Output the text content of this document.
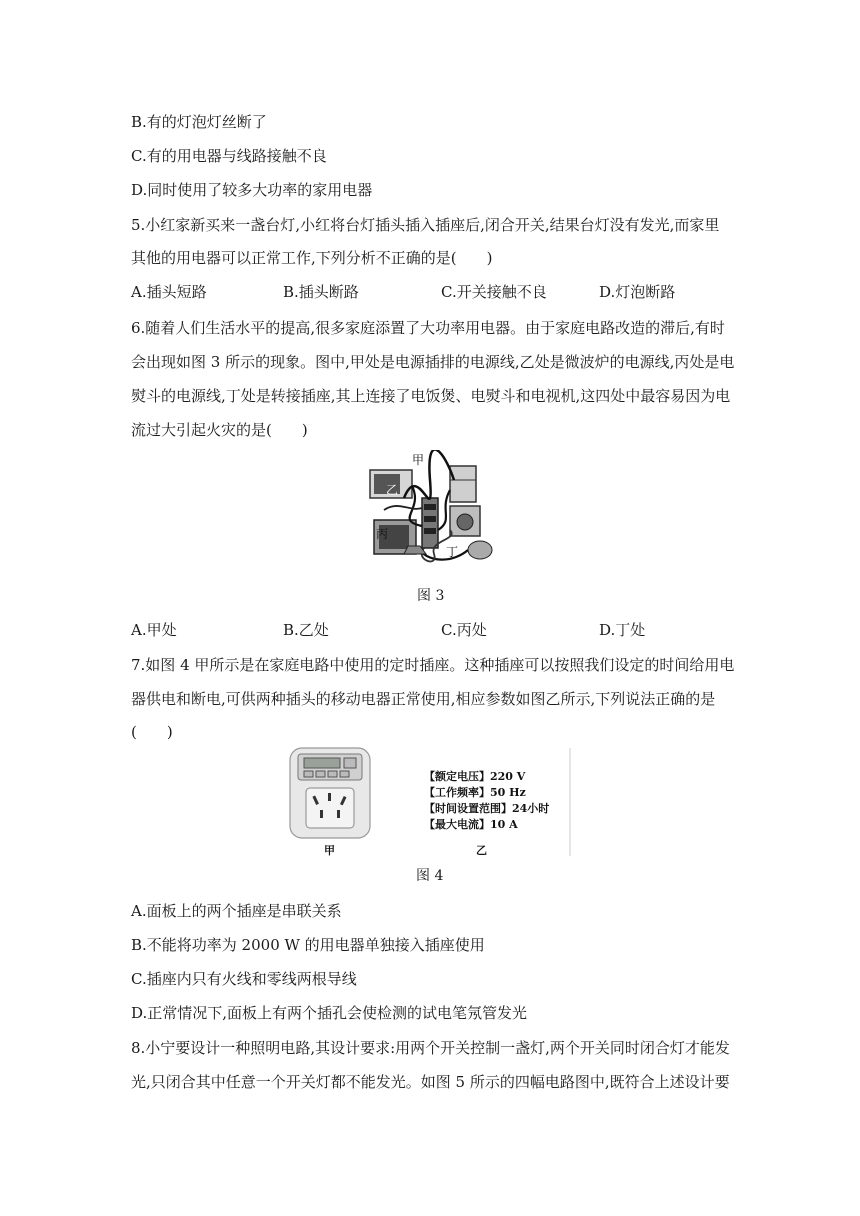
B.有的灯泡灯丝断了
C.有的用电器与线路接触不良
D.同时使用了较多大功率的家用电器
5.小红家新买来一盏台灯,小红将台灯插头插入插座后,闭合开关,结果台灯没有发光,而家里
其他的用电器可以正常工作,下列分析不正确的是(　　)
A.插头短路	B.插头断路	C.开关接触不良	D.灯泡断路
6.随着人们生活水平的提高,很多家庭添置了大功率用电器。由于家庭电路改造的滞后,有时
会出现如图 3 所示的现象。图中,甲处是电源插排的电源线,乙处是微波炉的电源线,丙处是电
熨斗的电源线,丁处是转接插座,其上连接了电饭煲、电熨斗和电视机,这四处中最容易因为电
流过大引起火灾的是(　　)
甲
乙
丙
丁
图 3
A.甲处	B.乙处	C.丙处	D.丁处
7.如图 4 甲所示是在家庭电路中使用的定时插座。这种插座可以按照我们设定的时间给用电
器供电和断电,可供两种插头的移动电器正常使用,相应参数如图乙所示,下列说法正确的是
(　　)
甲
【额定电压】220 V
【工作频率】50 Hz
【时间设置范围】24小时
【最大电流】10 A
乙
图 4
A.面板上的两个插座是串联关系
B.不能将功率为 2000 W 的用电器单独接入插座使用
C.插座内只有火线和零线两根导线
D.正常情况下,面板上有两个插孔会使检测的试电笔氖管发光
8.小宁要设计一种照明电路,其设计要求:用两个开关控制一盏灯,两个开关同时闭合灯才能发
光,只闭合其中任意一个开关灯都不能发光。如图 5 所示的四幅电路图中,既符合上述设计要
